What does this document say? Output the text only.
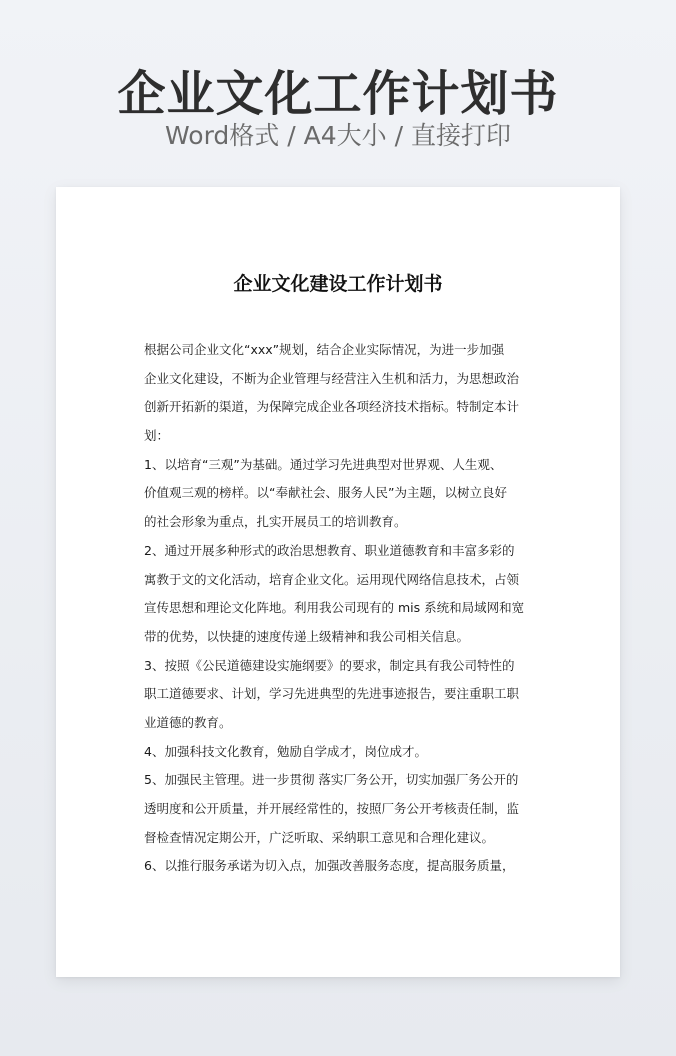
企业文化工作计划书
Word格式 / A4大小 / 直接打印
企业文化建设工作计划书
根据公司企业文化“xxx”规划，结合企业实际情况，为进一步加强
企业文化建设，不断为企业管理与经营注入生机和活力，为思想政治
创新开拓新的渠道，为保障完成企业各项经济技术指标。特制定本计
划：
1、以培育“三观”为基础。通过学习先进典型对世界观、人生观、
价值观三观的榜样。以“奉献社会、服务人民”为主题，以树立良好
的社会形象为重点，扎实开展员工的培训教育。
2、通过开展多种形式的政治思想教育、职业道德教育和丰富多彩的
寓教于文的文化活动，培育企业文化。运用现代网络信息技术，占领
宣传思想和理论文化阵地。利用我公司现有的 mis 系统和局域网和宽
带的优势，以快捷的速度传递上级精神和我公司相关信息。
3、按照《公民道德建设实施纲要》的要求，制定具有我公司特性的
职工道德要求、计划，学习先进典型的先进事迹报告，要注重职工职
业道德的教育。
4、加强科技文化教育，勉励自学成才，岗位成才。
5、加强民主管理。进一步贯彻 落实厂务公开，切实加强厂务公开的
透明度和公开质量，并开展经常性的，按照厂务公开考核责任制，监
督检查情况定期公开，广泛听取、采纳职工意见和合理化建议。
6、以推行服务承诺为切入点，加强改善服务态度，提高服务质量，
